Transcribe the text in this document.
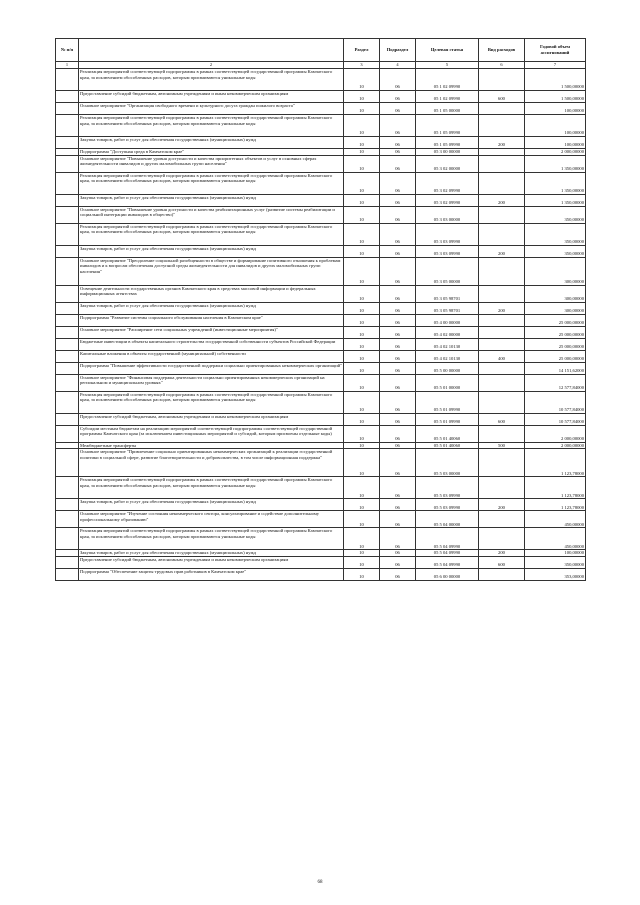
№ п/п		Раздел	Подраздел	Целевая статья	Вид расходов	Годовой объем ассигнований
1	2	3	4	5	6	7
	Реализация мероприятий соответствующей подпрограммы в рамках соответствующей государственной программы Камчатского края, за исключением обособленных расходов, которым присваиваются уникальные коды	10	06	05 1 02 09990		1 500,00000
	Предоставление субсидий бюджетным, автономным учреждениям и иным некоммерческим организациям	10	06	05 1 02 09990	600	1 500,00000
	Основное мероприятие "Организация свободного времени и культурного досуга граждан пожилого возраста"	10	06	05 1 05 00000		100,00000
	Реализация мероприятий соответствующей подпрограммы в рамках соответствующей государственной программы Камчатского края, за исключением обособленных расходов, которым присваиваются уникальные коды	10	06	05 1 05 09990		100,00000
	Закупка товаров, работ и услуг для обеспечения государственных (муниципальных) нужд	10	06	05 1 05 09990	200	100,00000
	Подпрограмма "Доступная среда в Камчатском крае"	10	06	05 3 00 00000		2 000,00000
	Основное мероприятие "Повышение уровня доступности и качества приоритетных объектов и услуг в основных сферах жизнедеятельности инвалидов и других маломобильных групп населения"	10	06	05 3 02 00000		1 350,00000
	Реализация мероприятий соответствующей подпрограммы в рамках соответствующей государственной программы Камчатского края, за исключением обособленных расходов, которым присваиваются уникальные коды	10	06	05 3 02 09990		1 350,00000
	Закупка товаров, работ и услуг для обеспечения государственных (муниципальных) нужд	10	06	05 3 02 09990	200	1 350,00000
	Основное мероприятие "Повышение уровня доступности и качества реабилитационных услуг (развитие системы реабилитации и социальной интеграции инвалидов в общество)"	10	06	05 3 03 00000		350,00000
	Реализация мероприятий соответствующей подпрограммы в рамках соответствующей государственной программы Камчатского края, за исключением обособленных расходов, которым присваиваются уникальные коды	10	06	05 3 03 09990		350,00000
	Закупка товаров, работ и услуг для обеспечения государственных (муниципальных) нужд	10	06	05 3 03 09990	200	350,00000
	Основное мероприятие "Преодоление социальной разобщенности в обществе и формирование позитивного отношения к проблемам инвалидов и к вопросам обеспечения доступной среды жизнедеятельности для инвалидов и других маломобильных групп населения"	10	06	05 3 05 00000		300,00000
	Освещение деятельности государственных органов Камчатского края в средствах массовой информации и федеральных информационных агентствах	10	06	05 3 05 98701		300,00000
	Закупка товаров, работ и услуг для обеспечения государственных (муниципальных) нужд	10	06	05 3 05 98701	200	300,00000
	Подпрограмма "Развитие системы социального обслуживания населения в Камчатском крае"	10	06	05 4 00 00000		25 000,00000
	Основное мероприятие "Расширение сети социальных учреждений (инвестиционные мероприятия)"	10	06	05 4 02 00000		25 000,00000
	Бюджетные инвестиции в объекты капитального строительства государственной собственности субъектов Российской Федерации	10	06	05 4 02 10130		25 000,00000
	Капитальные вложения в объекты государственной (муниципальной) собственности	10	06	05 4 02 10130	400	25 000,00000
	Подпрограмма "Повышение эффективности государственной поддержки социально ориентированных некоммерческих организаций"	10	06	05 5 00 00000		14 151,62000
	Основное мероприятие "Финансовая поддержка деятельности социально ориентированных некоммерческих организаций на региональном и муниципальном уровнях"	10	06	05 5 01 00000		12 577,84000
	Реализация мероприятий соответствующей подпрограммы в рамках соответствующей государственной программы Камчатского края, за исключением обособленных расходов, которым присваиваются уникальные коды	10	06	05 5 01 09990		10 577,84000
	Предоставление субсидий бюджетным, автономным учреждениям и иным некоммерческим организациям	10	06	05 5 01 09990	600	10 577,84000
	Субсидии местным бюджетам на реализацию мероприятий соответствующей подпрограммы соответствующей государственной программы Камчатского края (за исключением инвестиционных мероприятий и субсидий, которым присвоены отдельные коды)	10	06	05 5 01 40060		2 000,00000
	Межбюджетные трансферты	10	06	05 5 01 40060	500	2 000,00000
	Основное мероприятие "Привлечение социально ориентированных некоммерческих организаций к реализации государственной политики в социальной сфере, развитие благотворительности и добровольчества, в том числе информационная поддержка"	10	06	05 5 03 00000		1 123,78000
	Реализация мероприятий соответствующей подпрограммы в рамках соответствующей государственной программы Камчатского края, за исключением обособленных расходов, которым присваиваются уникальные коды	10	06	05 5 03 09990		1 123,78000
	Закупка товаров, работ и услуг для обеспечения государственных (муниципальных) нужд	10	06	05 5 03 09990	200	1 123,78000
	Основное мероприятие "Изучение состояния некоммерческого сектора, консультирование и содействие дополнительному профессиональному образованию"	10	06	05 5 04 00000		450,00000
	Реализация мероприятий соответствующей подпрограммы в рамках соответствующей государственной программы Камчатского края, за исключением обособленных расходов, которым присваиваются уникальные коды	10	06	05 5 04 09990		450,00000
	Закупка товаров, работ и услуг для обеспечения государственных (муниципальных) нужд	10	06	05 5 04 09990	200	100,00000
	Предоставление субсидий бюджетным, автономным учреждениям и иным некоммерческим организациям	10	06	05 5 04 09990	600	350,00000
	Подпрограмма "Обеспечение защиты трудовых прав работников в Камчатском крае"	10	06	05 6 00 00000		353,00000
68
